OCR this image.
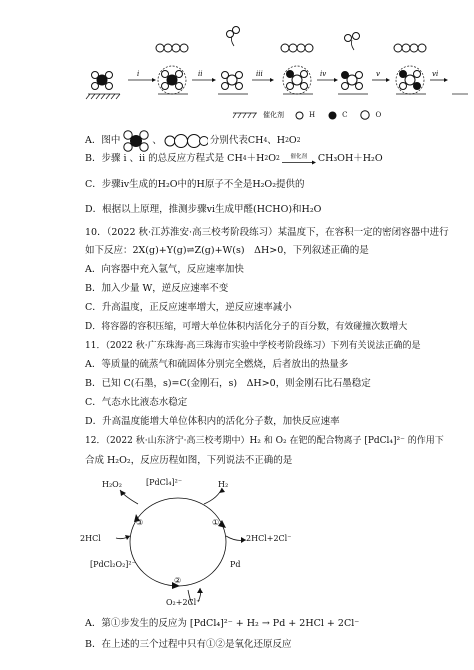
i	ii	iii	iv	v	vi
催化剂	H	C	O
A．图中	、	分别代表CH 4 、H 2 O 2
B．步骤 i 、ii 的总反应方程式是 CH 4 ＋H 2 O 2 催化剂 CH₃OH＋H₂O
C．步骤iv生成的H₂O中的H原子不全是H₂O₂提供的
D．根据以上原理，推测步骤vi生成甲醛(HCHO)和H₂O
10．（2022 秋·江苏淮安·高三校考阶段练习）某温度下，在容积一定的密闭容器中进行
如下反应：2X(g)+Y(g)⇌Z(g)+W(s)　ΔH>0，下列叙述正确的是
A．向容器中充入氩气，反应速率加快
B．加入少量 W，逆反应速率不变
C．升高温度，正反应速率增大，逆反应速率减小
D．将容器的容积压缩，可增大单位体积内活化分子的百分数，有效碰撞次数增大
11．（2022 秋·广东珠海·高三珠海市实验中学校考阶段练习）下列有关说法正确的是
A．等质量的硫蒸气和硫固体分别完全燃烧，后者放出的热量多
B．已知 C(石墨，s)=C(金刚石，s)　ΔH>0，则金刚石比石墨稳定
C．气态水比液态水稳定
D．升高温度能增大单位体积内的活化分子数，加快反应速率
12．（2022 秋·山东济宁·高三校考期中）H₂ 和 O₂ 在钯的配合物离子 [PdCl₄]²⁻ 的作用下
合成 H₂O₂，反应历程如图，下列说法不正确的是
H₂O₂	[PdCl₄]²⁻	H₂
2HCl	2HCl+2Cl⁻
③	①
[PdCl₂O₂]²⁻	Pd
②
O₂+2Cl⁻
A．第①步发生的反应为 [PdCl₄]²⁻ + H₂ → Pd + 2HCl + 2Cl⁻
B．在上述的三个过程中只有①②是氧化还原反应
